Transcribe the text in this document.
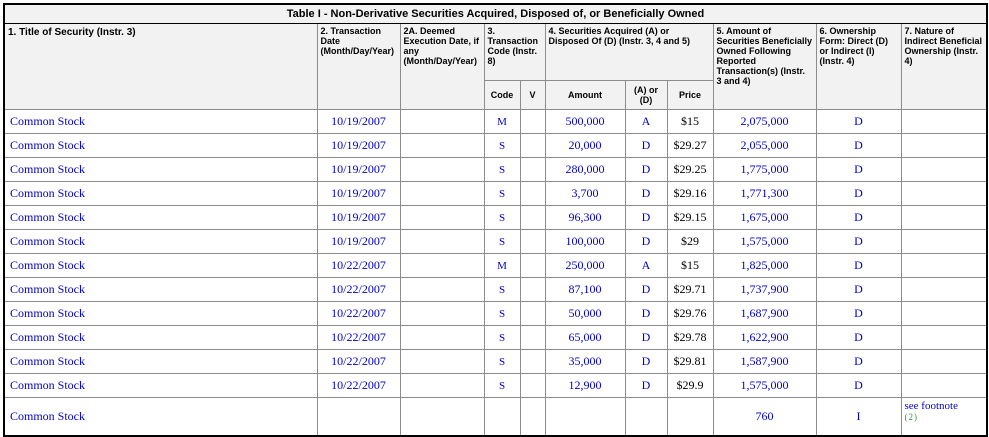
Table I - Non-Derivative Securities Acquired, Disposed of, or Beneficially Owned										
1. Title of Security (Instr. 3)	2. Transaction Date (Month/Day/Year)	2A. Deemed Execution Date, if any (Month/Day/Year)	3. Transaction Code (Instr. 8)		4. Securities Acquired (A) or Disposed Of (D) (Instr. 3, 4 and 5)			5. Amount of Securities Beneficially Owned Following Reported Transaction(s) (Instr. 3 and 4)	6. Ownership Form: Direct (D) or Indirect (I) (Instr. 4)	7. Nature of Indirect Beneficial Ownership (Instr. 4)
			Code	V	Amount	(A) or (D)	Price			
Common Stock	10/19/2007		M		500,000	A	$15	2,075,000	D	
Common Stock	10/19/2007		S		20,000	D	$29.27	2,055,000	D	
Common Stock	10/19/2007		S		280,000	D	$29.25	1,775,000	D	
Common Stock	10/19/2007		S		3,700	D	$29.16	1,771,300	D	
Common Stock	10/19/2007		S		96,300	D	$29.15	1,675,000	D	
Common Stock	10/19/2007		S		100,000	D	$29	1,575,000	D	
Common Stock	10/22/2007		M		250,000	A	$15	1,825,000	D	
Common Stock	10/22/2007		S		87,100	D	$29.71	1,737,900	D	
Common Stock	10/22/2007		S		50,000	D	$29.76	1,687,900	D	
Common Stock	10/22/2007		S		65,000	D	$29.78	1,622,900	D	
Common Stock	10/22/2007		S		35,000	D	$29.81	1,587,900	D	
Common Stock	10/22/2007		S		12,900	D	$29.9	1,575,000	D	
Common Stock								760	I	see footnote
(2)
